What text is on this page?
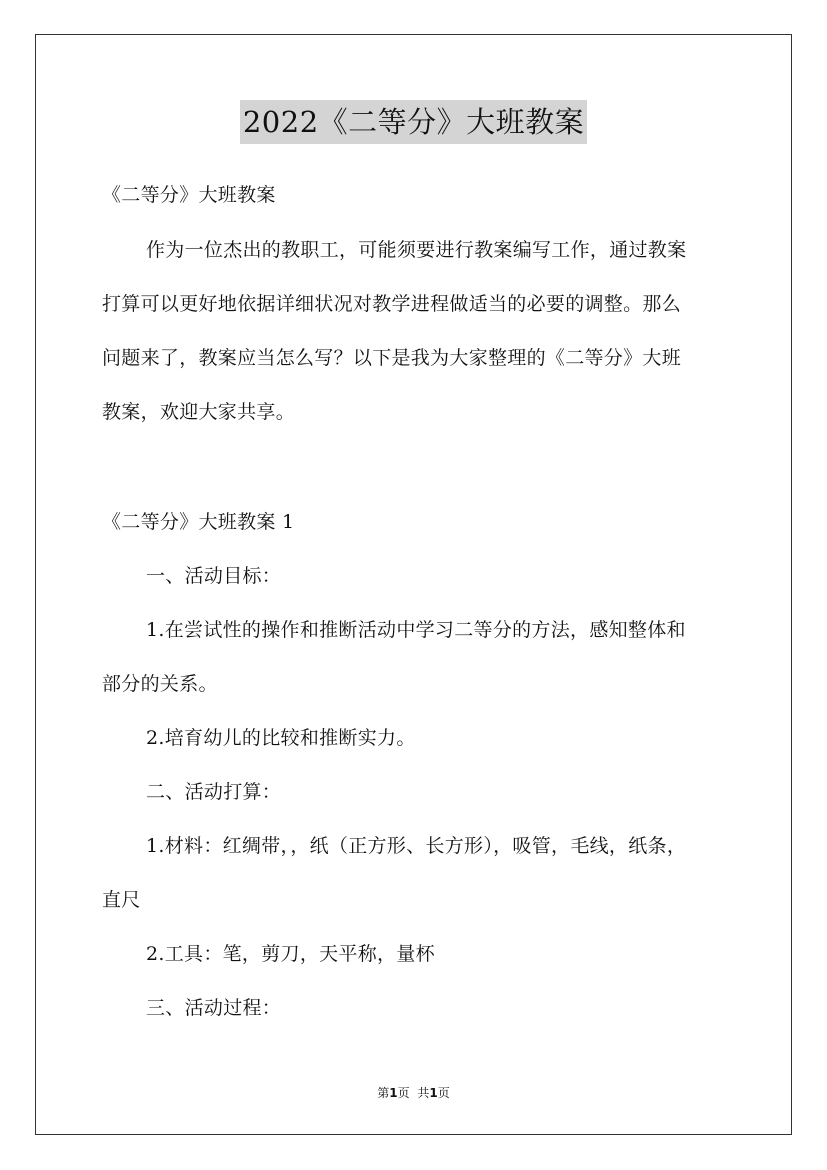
2022《二等分》大班教案

《二等分》大班教案

作为一位杰出的教职工，可能须要进行教案编写工作，通过教案

打算可以更好地依据详细状况对教学进程做适当的必要的调整。那么

问题来了，教案应当怎么写？以下是我为大家整理的《二等分》大班

教案，欢迎大家共享。

《二等分》大班教案 1

一、活动目标：

1.在尝试性的操作和推断活动中学习二等分的方法，感知整体和

部分的关系。

2.培育幼儿的比较和推断实力。

二、活动打算：

1.材料：红绸带，，纸（正方形、长方形），吸管，毛线，纸条，

直尺

2.工具：笔，剪刀，天平称，量杯

三、活动过程：

第1页 共1页
